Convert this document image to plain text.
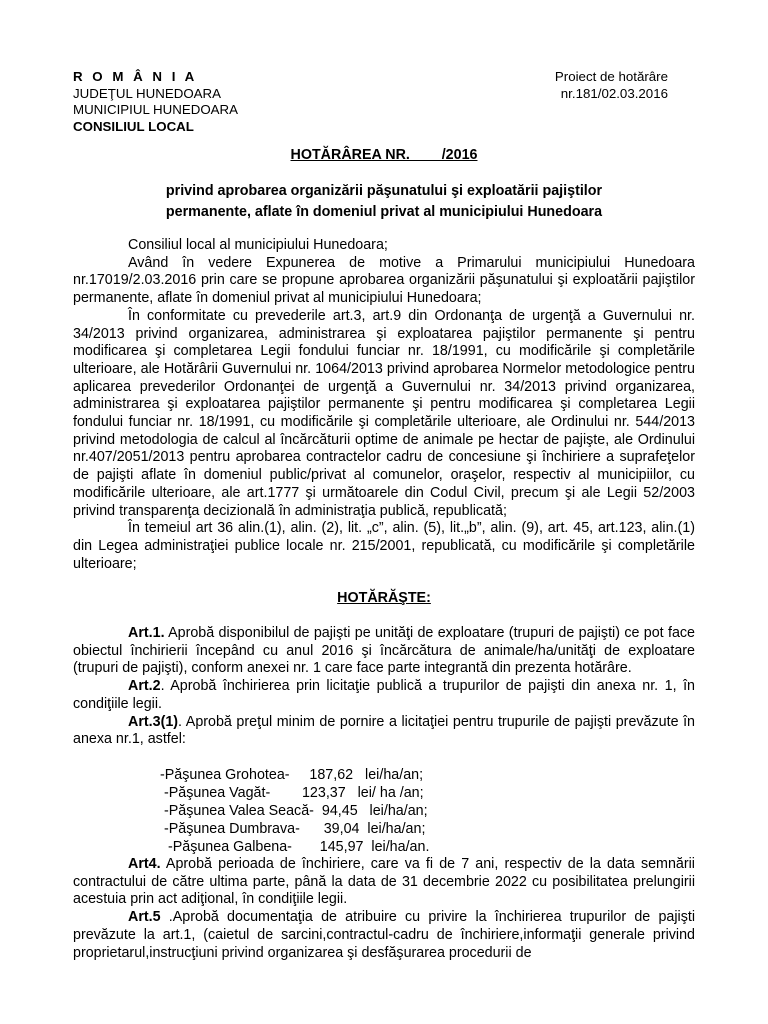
R O M Â N I A
JUDEŢUL HUNEDOARA
MUNICIPIUL HUNEDOARA
CONSILIUL LOCAL
Proiect de hotărâre
nr.181/02.03.2016
HOTĂRÂREA NR.____/2016
privind aprobarea organizării păşunatului şi exploatării pajiştilor
permanente, aflate în domeniul privat al municipiului Hunedoara

Consiliul local al municipiului Hunedoara;

Având în vedere Expunerea de motive a Primarului municipiului Hunedoara nr.17019/2.03.2016 prin care se propune aprobarea organizării păşunatului şi exploatării pajiştilor permanente, aflate în domeniul privat al municipiului Hunedoara;

În conformitate cu prevederile art.3, art.9 din Ordonanţa de urgenţă a Guvernului nr. 34/2013 privind organizarea, administrarea şi exploatarea pajiştilor permanente şi pentru modificarea şi completarea Legii fondului funciar nr. 18/1991, cu modificările şi completările ulterioare, ale Hotărârii Guvernului nr. 1064/2013 privind aprobarea Normelor metodologice pentru aplicarea prevederilor Ordonanţei de urgenţă a Guvernului nr. 34/2013 privind organizarea, administrarea şi exploatarea pajiştilor permanente şi pentru modificarea şi completarea Legii fondului funciar nr. 18/1991, cu modificările şi completările ulterioare, ale Ordinului nr. 544/2013 privind metodologia de calcul al încărcăturii optime de animale pe hectar de pajişte, ale Ordinului nr.407/2051/2013 pentru aprobarea contractelor cadru de concesiune şi închiriere a suprafeţelor de pajişti aflate în domeniul public/privat al comunelor, oraşelor, respectiv al municipiilor, cu modificările ulterioare, ale art.1777 şi următoarele din Codul Civil, precum şi ale Legii 52/2003 privind transparenţa decizională în administraţia publică, republicată;

În temeiul art 36 alin.(1), alin. (2), lit. „c”, alin. (5), lit.„b”, alin. (9), art. 45, art.123, alin.(1) din Legea administraţiei publice locale nr. 215/2001, republicată, cu modificările şi completările ulterioare;

HOTĂRĂŞTE:

Art.1. Aprobă disponibilul de pajişti pe unităţi de exploatare (trupuri de pajişti) ce pot face obiectul închirierii începând cu anul 2016 şi încărcătura de animale/ha/unităţi de exploatare (trupuri de pajişti), conform anexei nr. 1 care face parte integrantă din prezenta hotărâre.

Art.2. Aprobă închirierea prin licitaţie publică a trupurilor de pajişti din anexa nr. 1, în condiţiile legii.

Art.3(1). Aprobă preţul minim de pornire a licitaţiei pentru trupurile de pajişti prevăzute în anexa nr.1, astfel:

-Păşunea Grohotea-     187,62   lei/ha/an;
-Păşunea Vagăt-        123,37   lei/ ha /an;
-Păşunea Valea Seacă-  94,45   lei/ha/an;
-Păşunea Dumbrava-      39,04  lei/ha/an;
-Păşunea Galbena-       145,97  lei/ha/an.

Art4. Aprobă perioada de închiriere, care va fi de 7 ani, respectiv de la data semnării contractului de către ultima parte, până la data de 31 decembrie 2022 cu posibilitatea prelungirii acestuia prin act adiţional, în condiţiile legii.

Art.5 .Aprobă documentaţia de atribuire cu privire la închirierea trupurilor de pajişti prevăzute la art.1, (caietul de sarcini,contractul-cadru de închiriere,informaţii generale privind proprietarul,instrucţiuni privind organizarea şi desfăşurarea procedurii de
